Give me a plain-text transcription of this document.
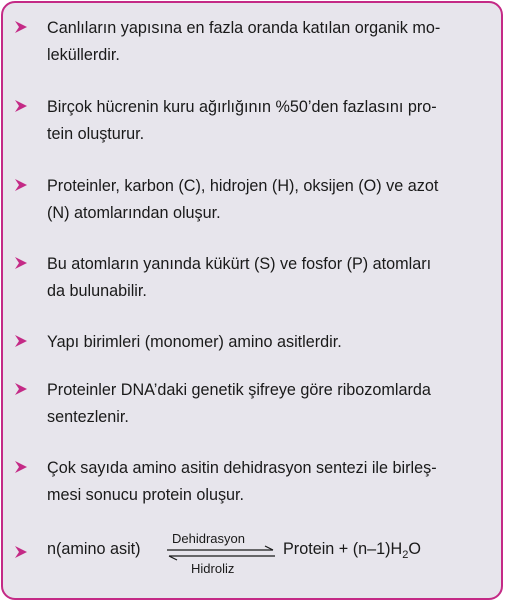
Canlıların yapısına en fazla oranda katılan organik mo-
leküllerdir.
Birçok hücrenin kuru ağırlığının %50’den fazlasını pro-
tein oluşturur.
Proteinler, karbon (C), hidrojen (H), oksijen (O) ve azot
(N) atomlarından oluşur.
Bu atomların yanında kükürt (S) ve fosfor (P) atomları
da bulunabilir.
Yapı birimleri (monomer) amino asitlerdir.
Proteinler DNA’daki genetik şifreye göre ribozomlarda
sentezlenir.
Çok sayıda amino asitin dehidrasyon sentezi ile birleş-
mesi sonucu protein oluşur.
n(amino asit)
Dehidrasyon
Hidroliz
Protein + $(n-1)H_2O$
